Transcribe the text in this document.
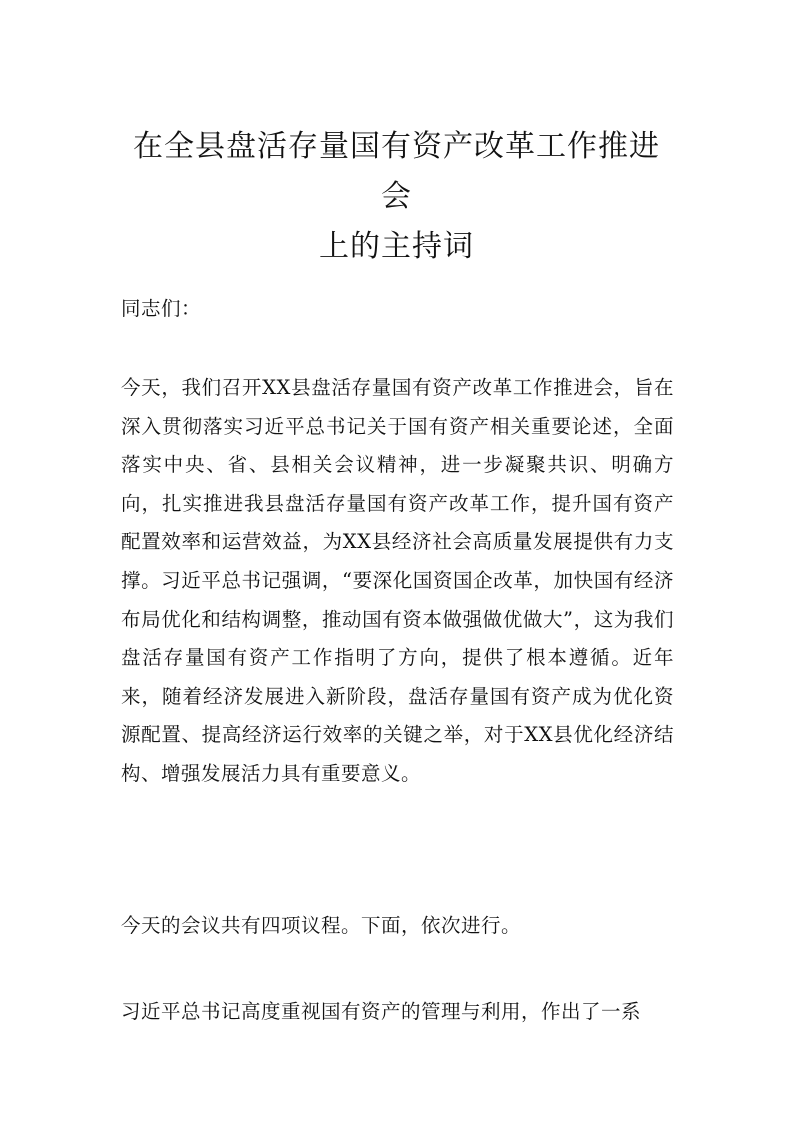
在全县盘活存量国有资产改革工作推进会
上的主持词

同志们：

今天，我们召开XX县盘活存量国有资产改革工作推进会，旨在深入贯彻落实习近平总书记关于国有资产相关重要论述，全面落实中央、省、县相关会议精神，进一步凝聚共识、明确方向，扎实推进我县盘活存量国有资产改革工作，提升国有资产配置效率和运营效益，为XX县经济社会高质量发展提供有力支撑。习近平总书记强调，“要深化国资国企改革，加快国有经济布局优化和结构调整，推动国有资本做强做优做大”，这为我们盘活存量国有资产工作指明了方向，提供了根本遵循。近年来，随着经济发展进入新阶段，盘活存量国有资产成为优化资源配置、提高经济运行效率的关键之举，对于XX县优化经济结构、增强发展活力具有重要意义。

今天的会议共有四项议程。下面，依次进行。

习近平总书记高度重视国有资产的管理与利用，作出了一系
